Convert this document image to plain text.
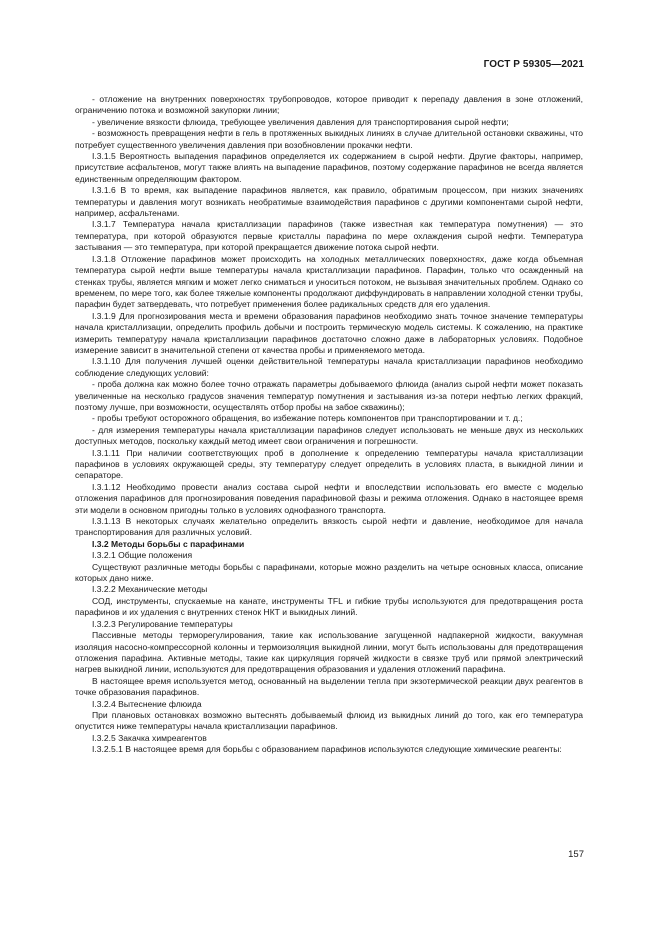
ГОСТ Р 59305—2021

- отложение на внутренних поверхностях трубопроводов, которое приводит к перепаду давления в зоне отложений, ограничению потока и возможной закупорки линии;

- увеличение вязкости флюида, требующее увеличения давления для транспортирования сырой нефти;

- возможность превращения нефти в гель в протяженных выкидных линиях в случае длительной остановки скважины, что потребует существенного увеличения давления при возобновлении прокачки нефти.

I.3.1.5 Вероятность выпадения парафинов определяется их содержанием в сырой нефти. Другие факторы, например, присутствие асфальтенов, могут также влиять на выпадение парафинов, поэтому содержание парафинов не всегда является единственным определяющим фактором.

I.3.1.6 В то время, как выпадение парафинов является, как правило, обратимым процессом, при низких значениях температуры и давления могут возникать необратимые взаимодействия парафинов с другими компонентами сырой нефти, например, асфальтенами.

I.3.1.7 Температура начала кристаллизации парафинов (также известная как температура помутнения) — это температура, при которой образуются первые кристаллы парафина по мере охлаждения сырой нефти. Температура застывания — это температура, при которой прекращается движение потока сырой нефти.

I.3.1.8 Отложение парафинов может происходить на холодных металлических поверхностях, даже когда объемная температура сырой нефти выше температуры начала кристаллизации парафинов. Парафин, только что осажденный на стенках трубы, является мягким и может легко сниматься и уноситься потоком, не вызывая значительных проблем. Однако со временем, по мере того, как более тяжелые компоненты продолжают диффундировать в направлении холодной стенки трубы, парафин будет затвердевать, что потребует применения более радикальных средств для его удаления.

I.3.1.9 Для прогнозирования места и времени образования парафинов необходимо знать точное значение температуры начала кристаллизации, определить профиль добычи и построить термическую модель системы. К сожалению, на практике измерить температуру начала кристаллизации парафинов достаточно сложно даже в лабораторных условиях. Подобное измерение зависит в значительной степени от качества пробы и применяемого метода.

I.3.1.10 Для получения лучшей оценки действительной температуры начала кристаллизации парафинов необходимо соблюдение следующих условий:

- проба должна как можно более точно отражать параметры добываемого флюида (анализ сырой нефти может показать увеличенные на несколько градусов значения температур помутнения и застывания из-за потери нефтью легких фракций, поэтому лучше, при возможности, осуществлять отбор пробы на забое скважины);

- пробы требуют осторожного обращения, во избежание потерь компонентов при транспортировании и т. д.;

- для измерения температуры начала кристаллизации парафинов следует использовать не меньше двух из нескольких доступных методов, поскольку каждый метод имеет свои ограничения и погрешности.

I.3.1.11 При наличии соответствующих проб в дополнение к определению температуры начала кристаллизации парафинов в условиях окружающей среды, эту температуру следует определить в условиях пласта, в выкидной линии и сепараторе.

I.3.1.12 Необходимо провести анализ состава сырой нефти и впоследствии использовать его вместе с моделью отложения парафинов для прогнозирования поведения парафиновой фазы и режима отложения. Однако в настоящее время эти модели в основном пригодны только в условиях однофазного транспорта.

I.3.1.13 В некоторых случаях желательно определить вязкость сырой нефти и давление, необходимое для начала транспортирования для различных условий.

I.3.2 Методы борьбы с парафинами

I.3.2.1 Общие положения

Существуют различные методы борьбы с парафинами, которые можно разделить на четыре основных класса, описание которых дано ниже.

I.3.2.2 Механические методы

СОД, инструменты, спускаемые на канате, инструменты TFL и гибкие трубы используются для предотвращения роста парафинов и их удаления с внутренних стенок НКТ и выкидных линий.

I.3.2.3 Регулирование температуры

Пассивные методы терморегулирования, такие как использование загущенной надпакерной жидкости, вакуумная изоляция насосно-компрессорной колонны и термоизоляция выкидной линии, могут быть использованы для предотвращения отложения парафина. Активные методы, такие как циркуляция горячей жидкости в связке труб или прямой электрический нагрев выкидной линии, используются для предотвращения образования и удаления отложений парафина.

В настоящее время используется метод, основанный на выделении тепла при экзотермической реакции двух реагентов в точке образования парафинов.

I.3.2.4 Вытеснение флюида

При плановых остановках возможно вытеснять добываемый флюид из выкидных линий до того, как его температура опустится ниже температуры начала кристаллизации парафинов.

I.3.2.5 Закачка химреагентов

I.3.2.5.1 В настоящее время для борьбы с образованием парафинов используются следующие химические реагенты:

157
